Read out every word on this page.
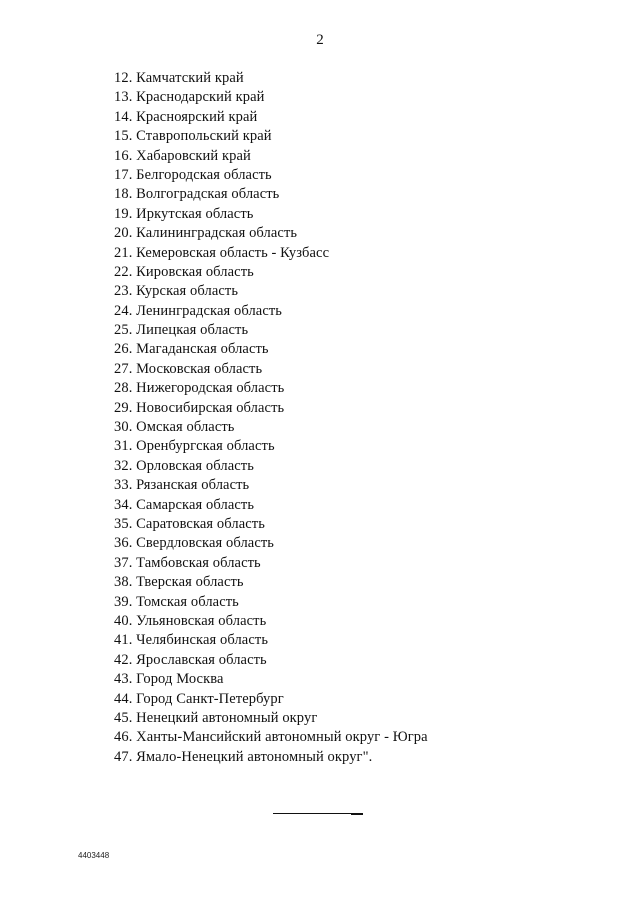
2
12. Камчатский край
13. Краснодарский край
14. Красноярский край
15. Ставропольский край
16. Хабаровский край
17. Белгородская область
18. Волгоградская область
19. Иркутская область
20. Калининградская область
21. Кемеровская область - Кузбасс
22. Кировская область
23. Курская область
24. Ленинградская область
25. Липецкая область
26. Магаданская область
27. Московская область
28. Нижегородская область
29. Новосибирская область
30. Омская область
31. Оренбургская область
32. Орловская область
33. Рязанская область
34. Самарская область
35. Саратовская область
36. Свердловская область
37. Тамбовская область
38. Тверская область
39. Томская область
40. Ульяновская область
41. Челябинская область
42. Ярославская область
43. Город Москва
44. Город Санкт-Петербург
45. Ненецкий автономный округ
46. Ханты-Мансийский автономный округ - Югра
47. Ямало-Ненецкий автономный округ".
4403448
